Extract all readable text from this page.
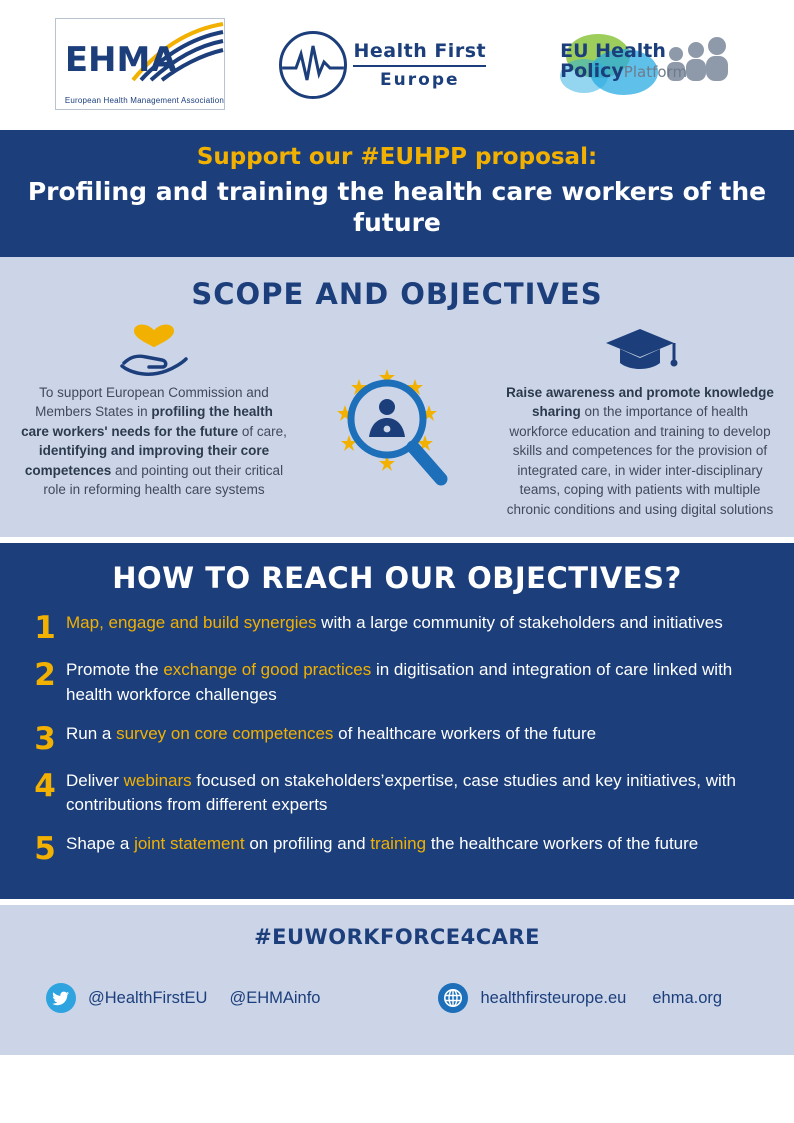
EHMA
European Health Management Association
Health First
Europe
EU Health
PolicyPlatform
Support our #EUHPP proposal:
Profiling and training the health care workers of the future
SCOPE AND OBJECTIVES
To support European Commission and Members States in profiling the health care workers' needs for the future of care, identifying and improving their core competences and pointing out their critical role in reforming health care systems
Raise awareness and promote knowledge sharing on the importance of health workforce education and training to develop skills and competences for the provision of integrated care, in wider inter-disciplinary teams, coping with patients with multiple chronic conditions and using digital solutions
HOW TO REACH OUR OBJECTIVES?
1 Map, engage and build synergies with a large community of stakeholders and initiatives
2 Promote the exchange of good practices in digitisation and integration of care linked with health workforce challenges
3 Run a survey on core competences of healthcare workers of the future
4 Deliver webinars focused on stakeholders’expertise, case studies and key initiatives, with contributions from different experts
5 Shape a joint statement on profiling and training the healthcare workers of the future
#EUWORKFORCE4CARE
@HealthFirstEU @EHMAinfo	healthfirsteurope.eu ehma.org
